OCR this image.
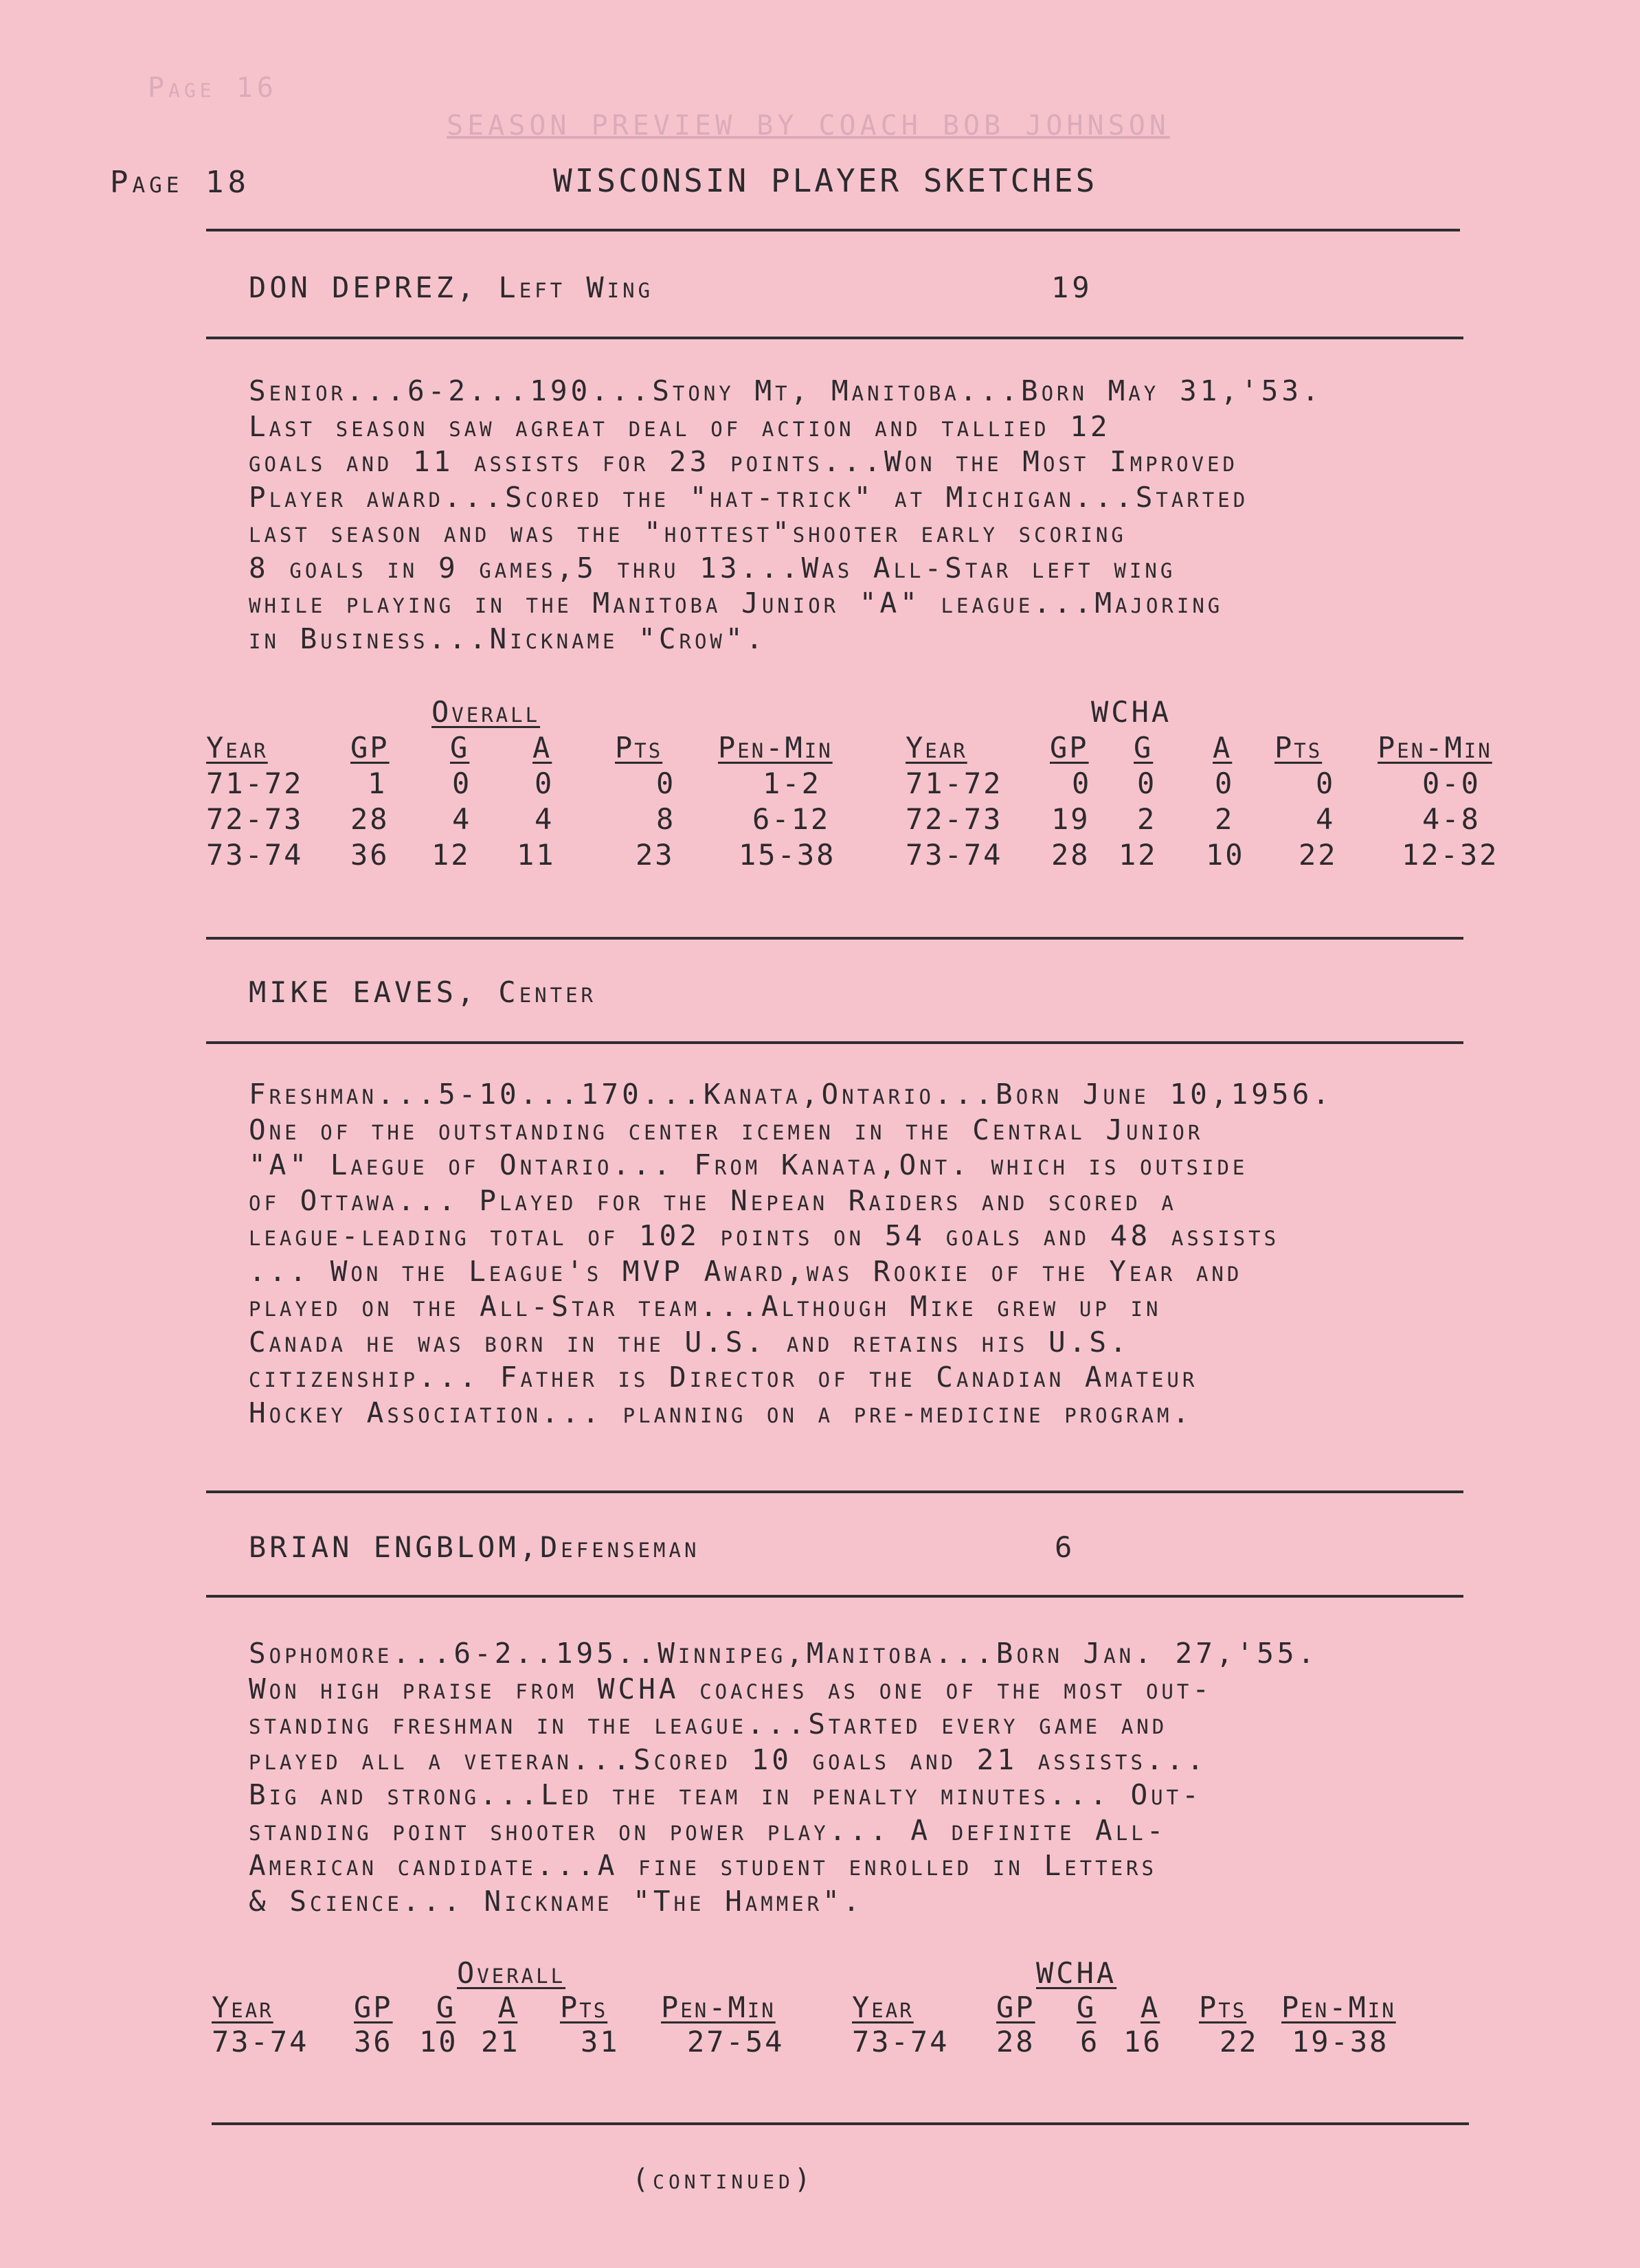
Page 16
SEASON PREVIEW BY COACH BOB JOHNSON
Page 18	WISCONSIN PLAYER SKETCHES
DON DEPREZ, Left Wing	19

Senior...6-2...190...Stony Mt, Manitoba...Born May 31,'53.

Last season saw agreat deal of action and tallied 12

goals and 11 assists for 23 points...Won the Most Improved

Player award...Scored the "hat-trick" at Michigan...Started

last season and was the "hottest"shooter early scoring

8 goals in 9 games,5 thru 13...Was All-Star left wing

while playing in the Manitoba Junior "A" league...Majoring

in Business...Nickname "Crow".

Overall	WCHA
Year	GP G A Pts Pen-Min	Year	GP G A Pts Pen-Min
71-72 1 0 0	0	1-2	71-72 0 0 0	0	0-0
72-73 28 4 4	8	6-12	72-73 19 2 2	4	4-8
73-74 36 12 11	23 15-38 73-74 28 12 10 22 12-32
MIKE EAVES, Center

Freshman...5-10...170...Kanata,Ontario...Born June 10,1956.

One of the outstanding center icemen in the Central Junior

"A" Laegue of Ontario... From Kanata,Ont. which is outside

of Ottawa... Played for the Nepean Raiders and scored a

league-leading total of 102 points on 54 goals and 48 assists

... Won the League's MVP Award,was Rookie of the Year and

played on the All-Star team...Although Mike grew up in

Canada he was born in the U.S. and retains his U.S.

citizenship... Father is Director of the Canadian Amateur

Hockey Association... planning on a pre-medicine program.

BRIAN ENGBLOM,Defenseman	6

Sophomore...6-2..195..Winnipeg,Manitoba...Born Jan. 27,'55.

Won high praise from WCHA coaches as one of the most out-

standing freshman in the league...Started every game and

played all a veteran...Scored 10 goals and 21 assists...

Big and strong...Led the team in penalty minutes... Out-

standing point shooter on power play... A definite All-

American candidate...A fine student enrolled in Letters

& Science... Nickname "The Hammer".

Overall	WCHA
Year	GP G A Pts Pen-Min	Year	GP G A Pts Pen-Min
73-74 36 10 21 31 27-54 73-74 28 6 16 22 19-38
(continued)
